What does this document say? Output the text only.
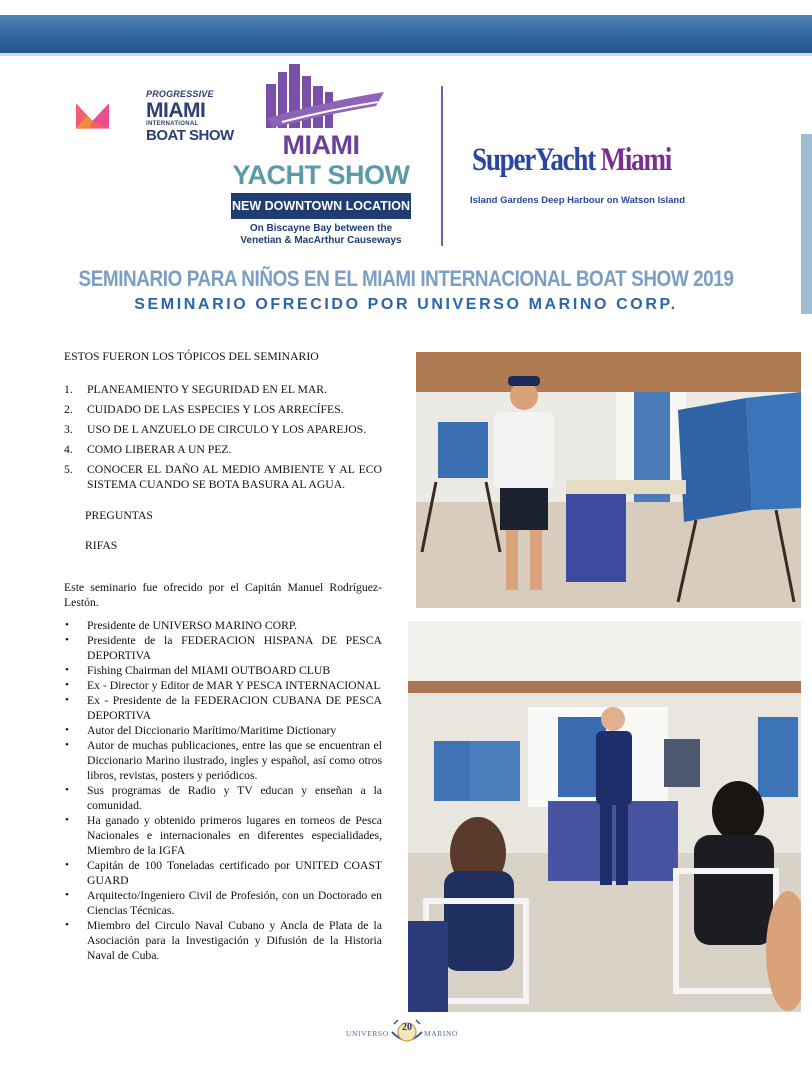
PROGRESSIVE
MIAMI
INTERNATIONAL
BOAT SHOW	MIAMI
YACHT SHOW
NEW DOWNTOWN LOCATION
On Biscayne Bay between the
Venetian & MacArthur Causeways
SuperYacht Miami
Island Gardens Deep Harbour on Watson Island
SEMINARIO PARA NIÑOS EN EL MIAMI INTERNACIONAL BOAT SHOW 2019
SEMINARIO OFRECIDO POR UNIVERSO MARINO CORP.
ESTOS FUERON LOS TÓPICOS DEL SEMINARIO
1. PLANEAMIENTO Y SEGURIDAD EN EL MAR.
2. CUIDADO DE LAS ESPECIES Y LOS ARRECÍFES.
3. USO DE L ANZUELO DE CIRCULO Y LOS APAREJOS.
4. COMO LIBERAR A UN PEZ.
5. CONOCER EL DAÑO AL MEDIO AMBIENTE Y AL ECO SISTEMA CUANDO SE BOTA BASURA AL AGUA.
PREGUNTAS
RIFAS
Este seminario fue ofrecido por el Capitán Manuel Rodríguez-Lestón.
• Presidente de UNIVERSO MARINO CORP.
• Presidente de la FEDERACION HISPANA DE PESCA DEPORTIVA
• Fishing Chairman del MIAMI OUTBOARD CLUB
• Ex - Director y Editor de MAR Y PESCA INTERNACIONAL
• Ex - Presidente de la FEDERACION CUBANA DE PESCA DEPORTIVA
• Autor del Diccionario Marítimo/Maritime Dictionary
• Autor de muchas publicaciones, entre las que se encuentran el Diccionario Marino ilustrado, ingles y español, así como otros libros, revistas, posters y periódicos.
• Sus programas de Radio y TV educan y enseñan a la comunidad.
• Ha ganado y obtenido primeros lugares en torneos de Pesca Nacionales e internacionales en diferentes especialidades, Miembro de la IGFA
• Capitán de 100 Toneladas certificado por UNITED COAST GUARD
• Arquitecto/Ingeniero Civil de Profesión, con un Doctorado en Ciencias Técnicas.
• Miembro del Circulo Naval Cubano y Ancla de Plata de la Asociación para la Investigación y Difusión de la Historia Naval de Cuba.
UNIVERSO
20
MARINO
